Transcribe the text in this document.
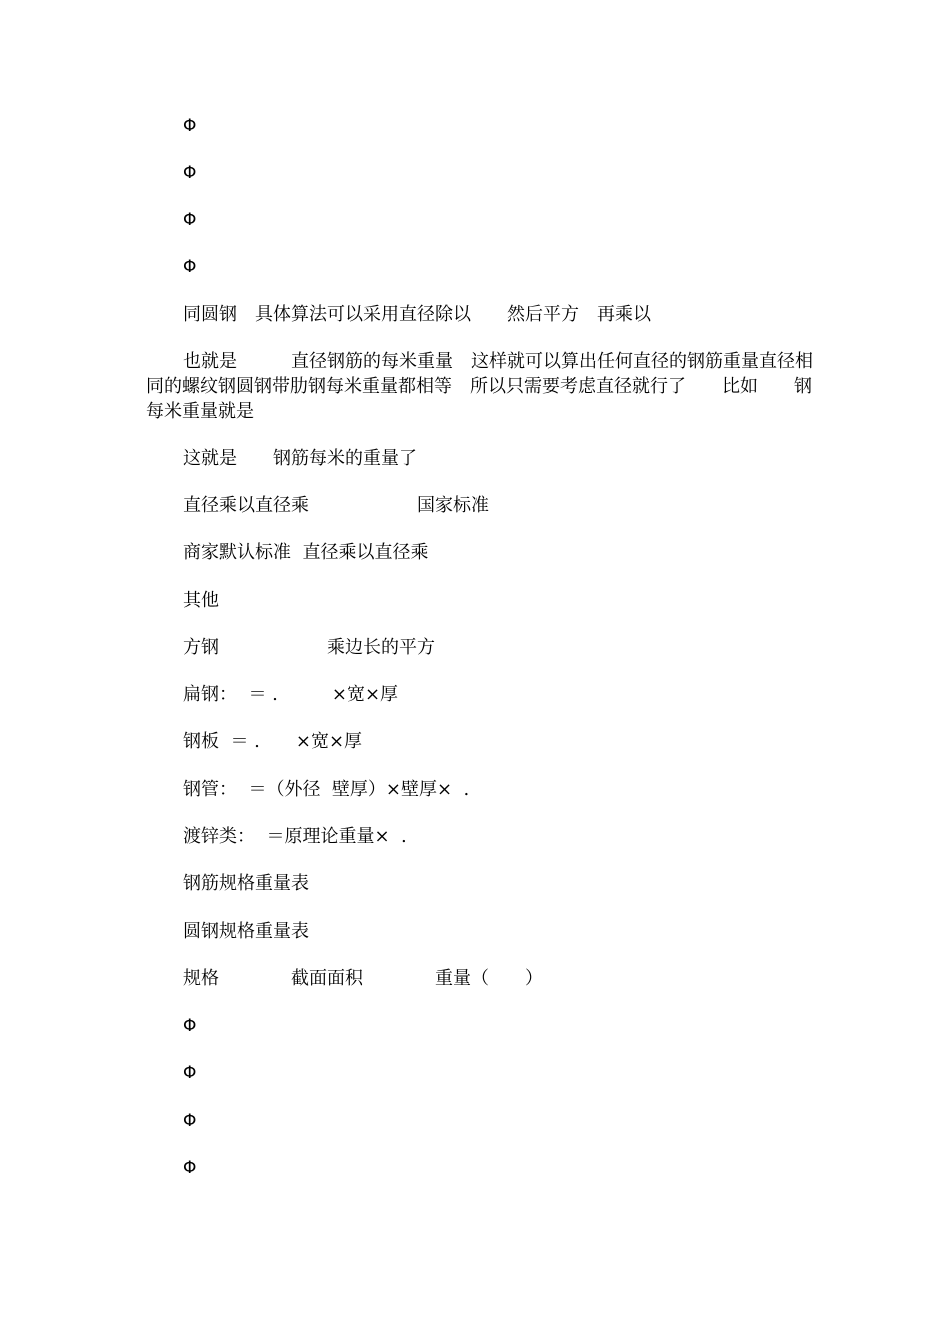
Φ
Φ
Φ
Φ
同圆钢　具体算法可以采用直径除以　　然后平方　再乘以
也就是　　　直径钢筋的每米重量　这样就可以算出任何直径的钢筋重量直径相同的螺纹钢圆钢带肋钢每米重量都相等　所以只需要考虑直径就行了　　比如　　钢每米重量就是
这就是　　钢筋每米的重量了
直径乘以直径乘　　　　　　国家标准
商家默认标准  直径乘以直径乘
其他
方钢　　　　　　乘边长的平方
扁钢：  ＝ .　　　×宽×厚
钢板  ＝ .　　×宽×厚
钢管：  ＝（外径  壁厚）×壁厚×  .
渡锌类：  ＝原理论重量×  .
钢筋规格重量表
圆钢规格重量表
规格　　　　截面面积　　　　重量（　　）
Φ
Φ
Φ
Φ
